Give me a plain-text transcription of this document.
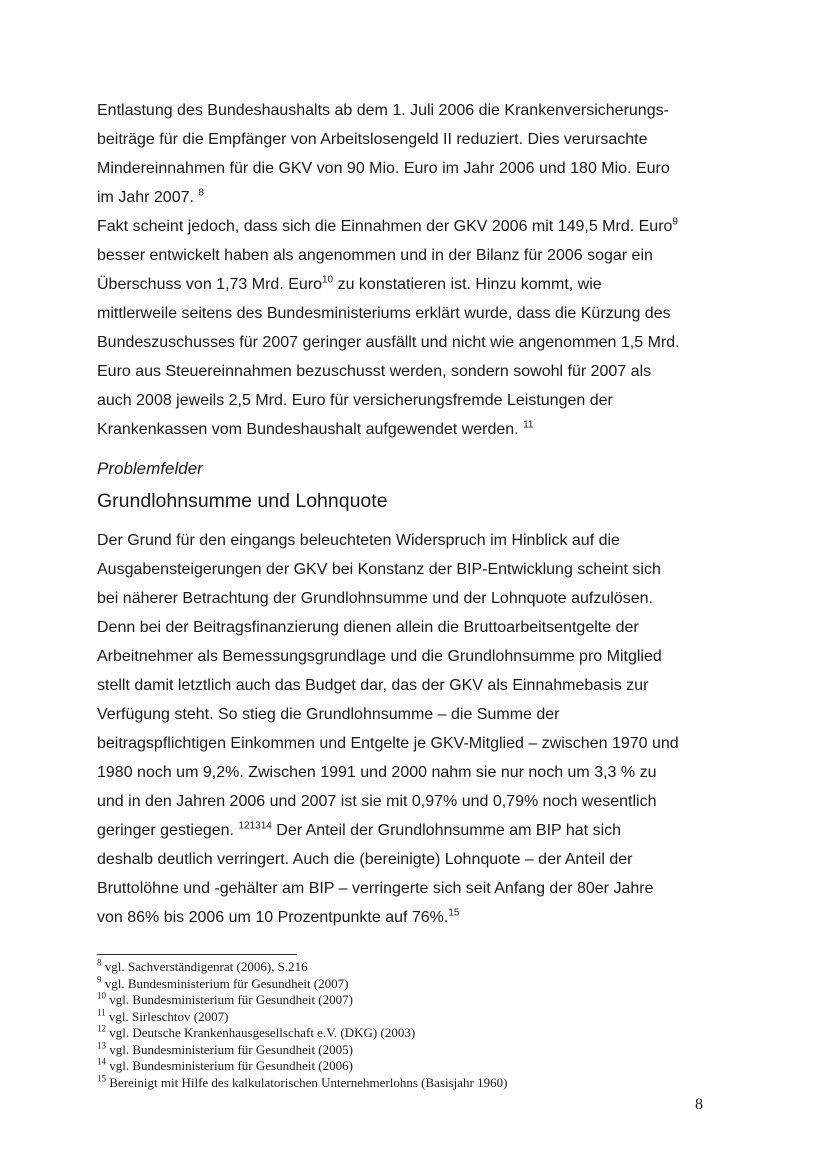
Entlastung des Bundeshaushalts ab dem 1. Juli 2006 die Krankenversicherungs-
beiträge für die Empfänger von Arbeitslosengeld II reduziert. Dies verursachte
Mindereinnahmen für die GKV von 90 Mio. Euro im Jahr 2006 und 180 Mio. Euro
im Jahr 2007. $^8$
Fakt scheint jedoch, dass sich die Einnahmen der GKV 2006 mit 149,5 Mrd. Euro$^9$
besser entwickelt haben als angenommen und in der Bilanz für 2006 sogar ein
Überschuss von 1,73 Mrd. Euro$^{10}$ zu konstatieren ist. Hinzu kommt, wie
mittlerweile seitens des Bundesministeriums erklärt wurde, dass die Kürzung des
Bundeszuschusses für 2007 geringer ausfällt und nicht wie angenommen 1,5 Mrd.
Euro aus Steuereinnahmen bezuschusst werden, sondern sowohl für 2007 als
auch 2008 jeweils 2,5 Mrd. Euro für versicherungsfremde Leistungen der
Krankenkassen vom Bundeshaushalt aufgewendet werden. $^{11}$
Problemfelder
Grundlohnsumme und Lohnquote
Der Grund für den eingangs beleuchteten Widerspruch im Hinblick auf die
Ausgabensteigerungen der GKV bei Konstanz der BIP-Entwicklung scheint sich
bei näherer Betrachtung der Grundlohnsumme und der Lohnquote aufzulösen.
Denn bei der Beitragsfinanzierung dienen allein die Bruttoarbeitsentgelte der
Arbeitnehmer als Bemessungsgrundlage und die Grundlohnsumme pro Mitglied
stellt damit letztlich auch das Budget dar, das der GKV als Einnahmebasis zur
Verfügung steht. So stieg die Grundlohnsumme – die Summe der
beitragspflichtigen Einkommen und Entgelte je GKV-Mitglied – zwischen 1970 und
1980 noch um 9,2%. Zwischen 1991 und 2000 nahm sie nur noch um 3,3 % zu
und in den Jahren 2006 und 2007 ist sie mit 0,97% und 0,79% noch wesentlich
geringer gestiegen. $^{121314}$ Der Anteil der Grundlohnsumme am BIP hat sich
deshalb deutlich verringert. Auch die (bereinigte) Lohnquote – der Anteil der
Bruttolöhne und -gehälter am BIP – verringerte sich seit Anfang der 80er Jahre
von 86% bis 2006 um 10 Prozentpunkte auf 76%.$^{15}$
$^8$ vgl. Sachverständigenrat (2006), S.216
$^9$ vgl. Bundesministerium für Gesundheit (2007)
$^{10}$ vgl. Bundesministerium für Gesundheit (2007)
$^{11}$ vgl. Sirleschtov (2007)
$^{12}$ vgl. Deutsche Krankenhausgesellschaft e.V. (DKG) (2003)
$^{13}$ vgl. Bundesministerium für Gesundheit (2005)
$^{14}$ vgl. Bundesministerium für Gesundheit (2006)
$^{15}$ Bereinigt mit Hilfe des kalkulatorischen Unternehmerlohns (Basisjahr 1960)
8
